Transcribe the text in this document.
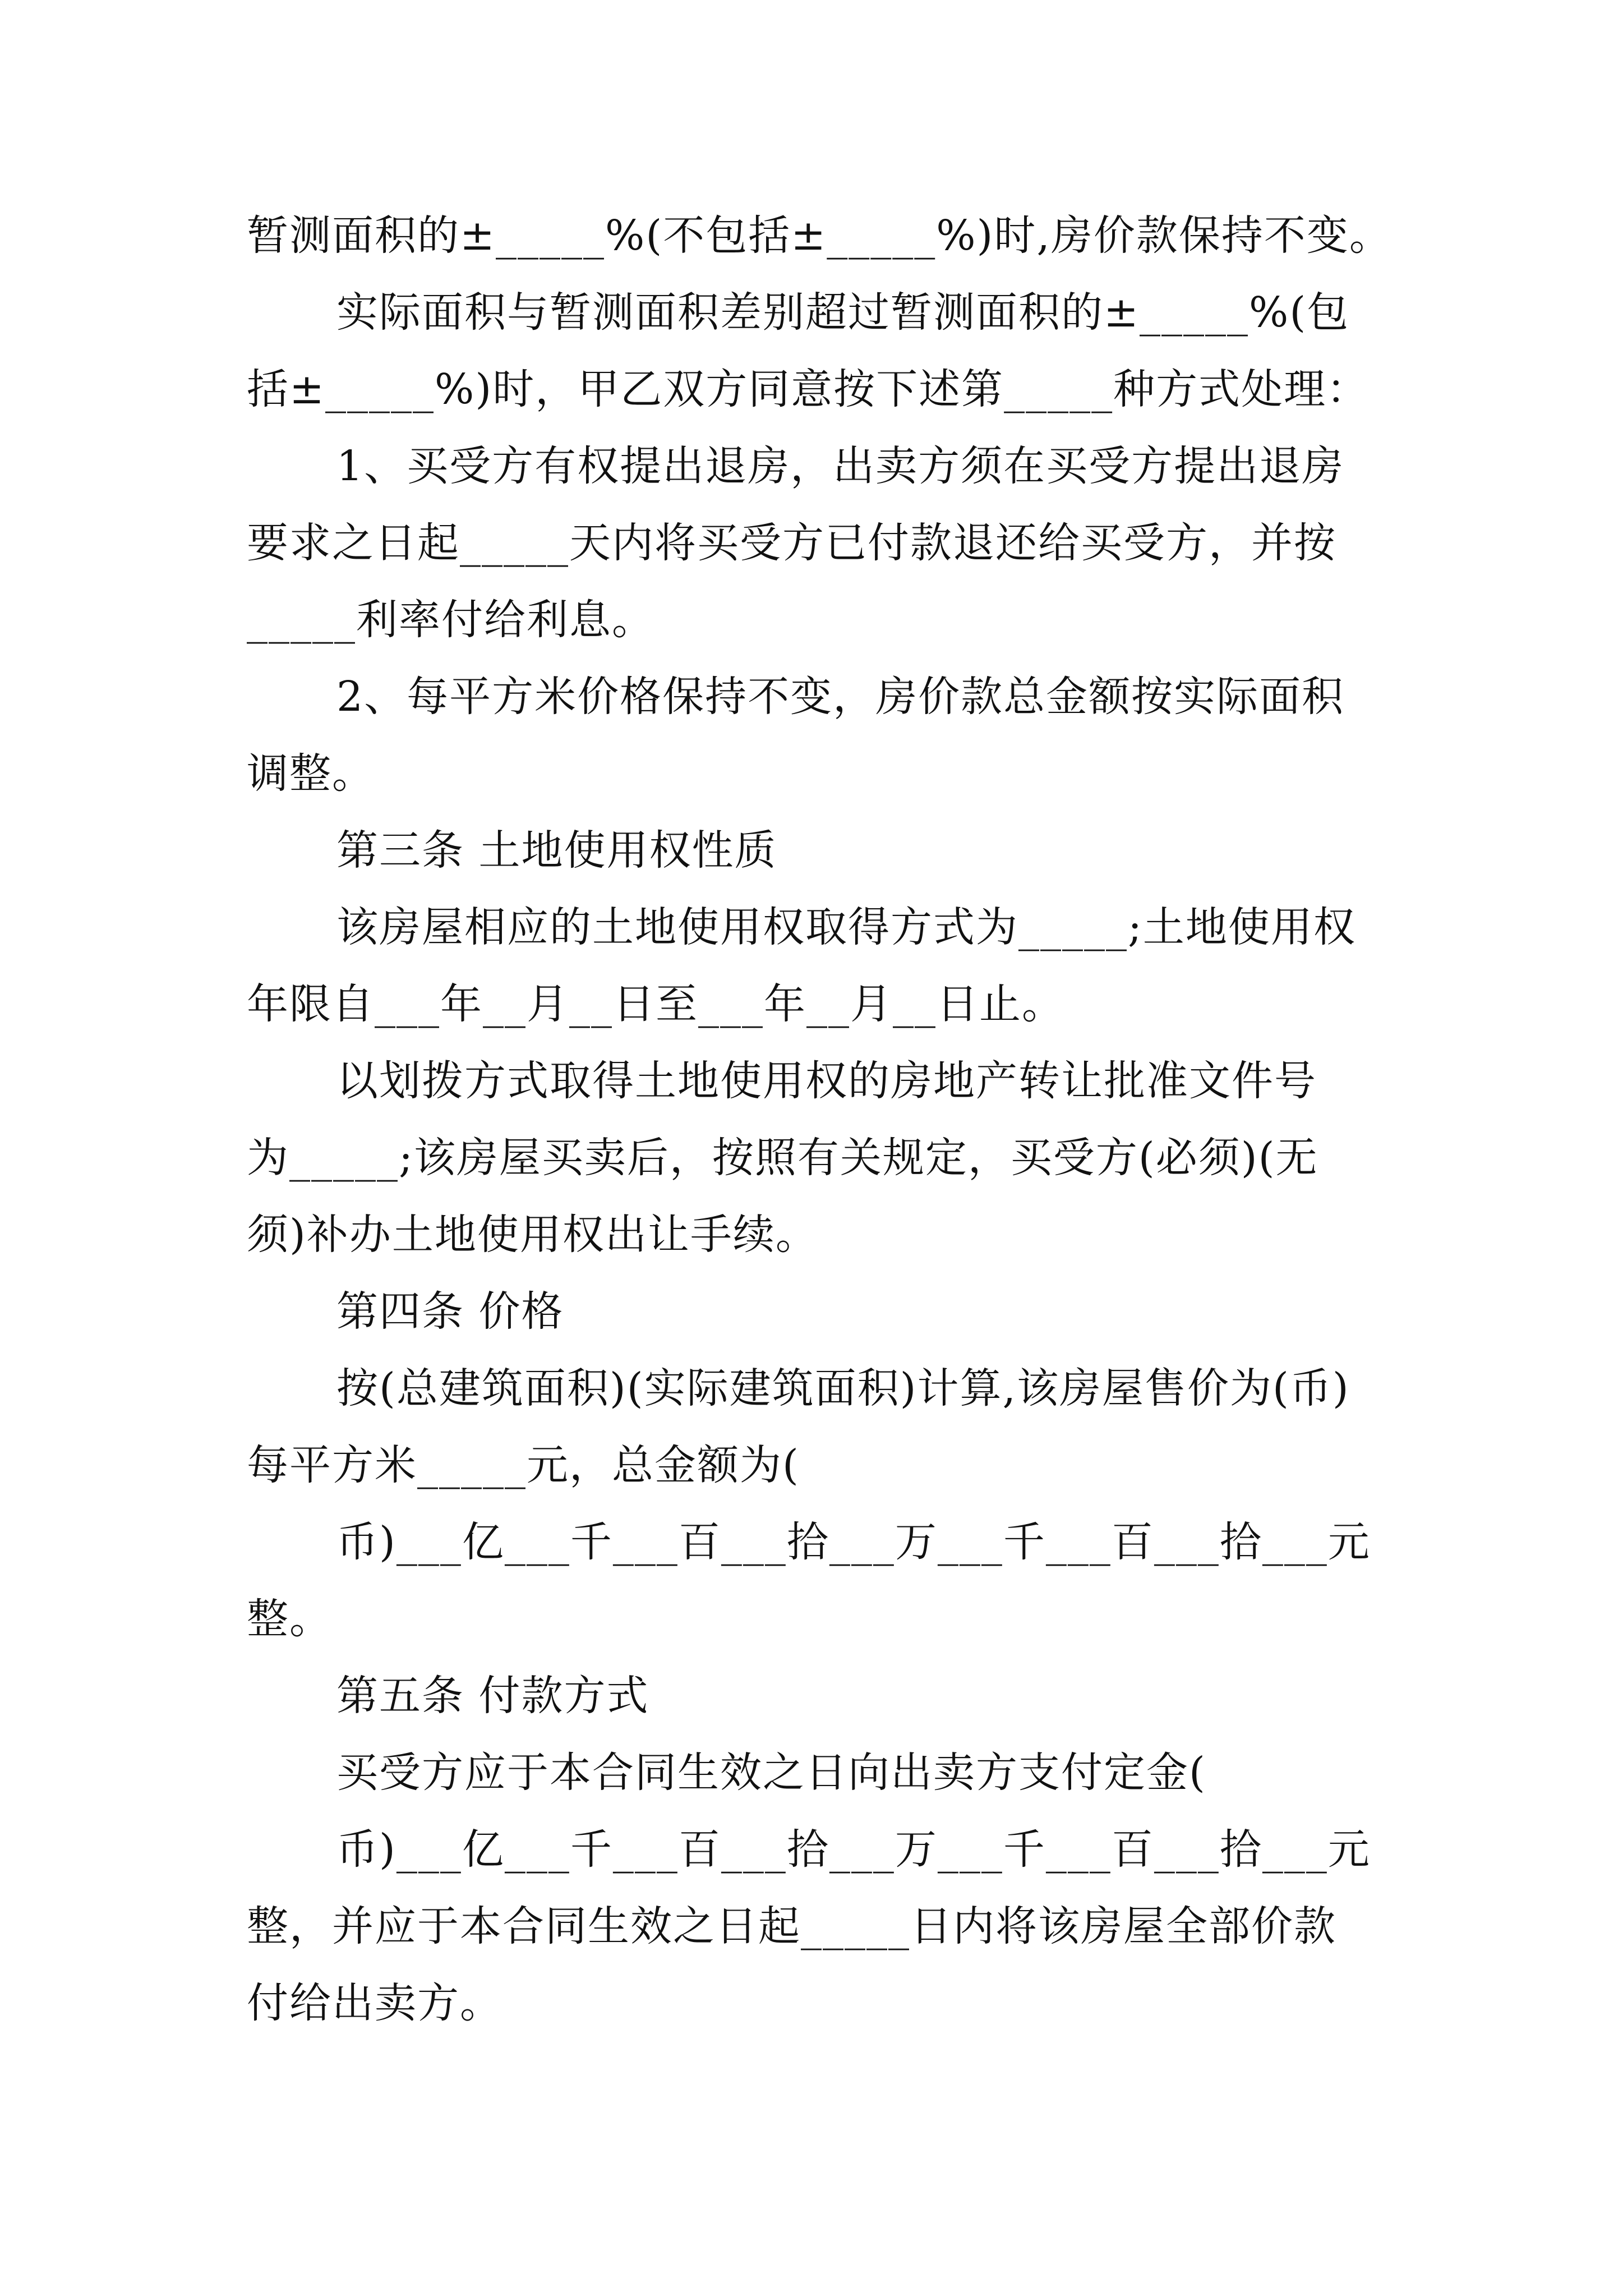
暂测面积的±_____%(不包括±_____%)时,房价款保持不变。
实际面积与暂测面积差别超过暂测面积的±_____%(包
括±_____%)时，甲乙双方同意按下述第_____种方式处理：
1、买受方有权提出退房，出卖方须在买受方提出退房
要求之日起_____天内将买受方已付款退还给买受方，并按
_____利率付给利息。
2、每平方米价格保持不变，房价款总金额按实际面积
调整。
第三条 土地使用权性质
该房屋相应的土地使用权取得方式为_____;土地使用权
年限自___年__月__日至___年__月__日止。
以划拨方式取得土地使用权的房地产转让批准文件号
为_____;该房屋买卖后，按照有关规定，买受方(必须)(无
须)补办土地使用权出让手续。
第四条 价格
按(总建筑面积)(实际建筑面积)计算,该房屋售价为(币)
每平方米_____元，总金额为(
币)___亿___千___百___拾___万___千___百___拾___元
整。
第五条 付款方式
买受方应于本合同生效之日向出卖方支付定金(
币)___亿___千___百___拾___万___千___百___拾___元
整，并应于本合同生效之日起_____日内将该房屋全部价款
付给出卖方。
